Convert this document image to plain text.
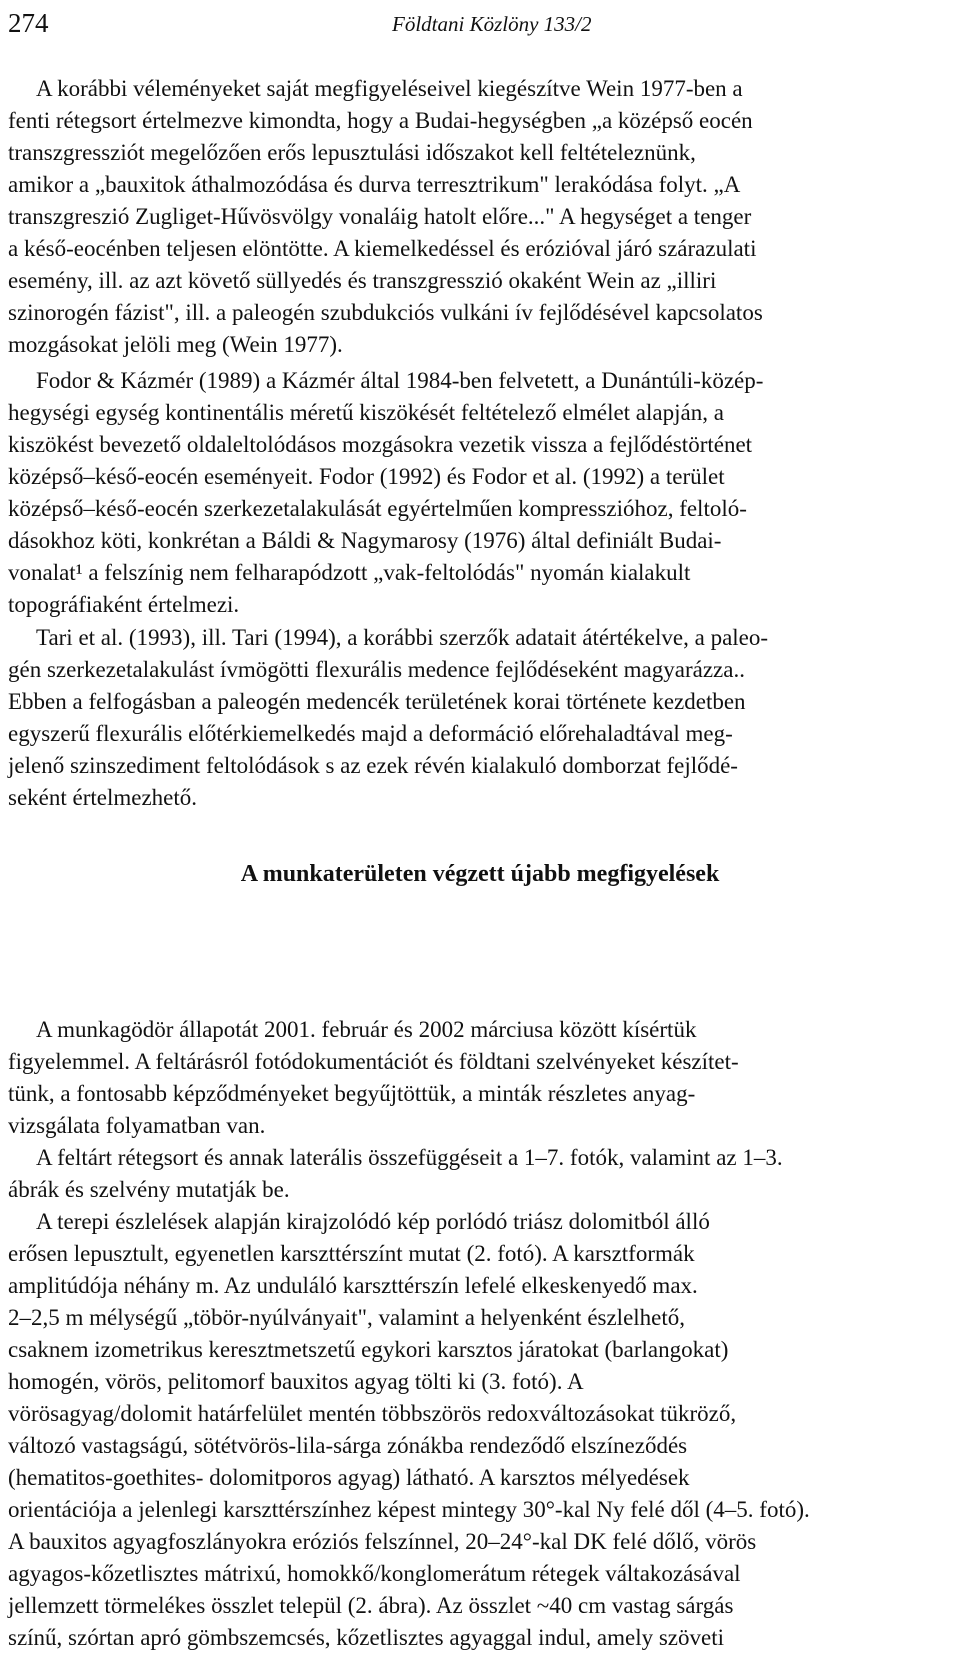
274	Földtani Közlöny 133/2

A korábbi véleményeket saját megfigyeléseivel kiegészítve Wein 1977-ben a
fenti rétegsort értelmezve kimondta, hogy a Budai-hegységben „a középső eocén
transzgressziót megelőzően erős lepusztulási időszakot kell feltételeznünk,
amikor a „bauxitok áthalmozódása és durva terresztrikum" lerakódása folyt. „A
transzgreszió Zugliget-Hűvösvölgy vonaláig hatolt előre..." A hegységet a tenger
a késő-eocénben teljesen elöntötte. A kiemelkedéssel és erózióval járó szárazulati
esemény, ill. az azt követő süllyedés és transzgresszió okaként Wein az „illiri
szinorogén fázist", ill. a paleogén szubdukciós vulkáni ív fejlődésével kapcsolatos
mozgásokat jelöli meg (Wein 1977).

Fodor & Kázmér (1989) a Kázmér által 1984-ben felvetett, a Dunántúli-közép-
hegységi egység kontinentális méretű kiszökését feltételező elmélet alapján, a
kiszökést bevezető oldaleltolódásos mozgásokra vezetik vissza a fejlődéstörténet
középső–késő-eocén eseményeit. Fodor (1992) és Fodor et al. (1992) a terület
középső–késő-eocén szerkezetalakulását egyértelműen kompresszióhoz, feltoló-
dásokhoz köti, konkrétan a Báldi & Nagymarosy (1976) által definiált Budai-
vonalat¹ a felszínig nem felharapódzott „vak-feltolódás" nyomán kialakult
topográfiaként értelmezi.

Tari et al. (1993), ill. Tari (1994), a korábbi szerzők adatait átértékelve, a paleo-
gén szerkezetalakulást ívmögötti flexurális medence fejlődéseként magyarázza..
Ebben a felfogásban a paleogén medencék területének korai története kezdetben
egyszerű flexurális előtérkiemelkedés majd a deformáció előrehaladtával meg-
jelenő szinszediment feltolódások s az ezek révén kialakuló domborzat fejlődé-
seként értelmezhető.

A munkaterületen végzett újabb megfigyelések

A munkagödör állapotát 2001. február és 2002 márciusa között kísértük
figyelemmel. A feltárásról fotódokumentációt és földtani szelvényeket készítet-
tünk, a fontosabb képződményeket begyűjtöttük, a minták részletes anyag-
vizsgálata folyamatban van.

A feltárt rétegsort és annak laterális összefüggéseit a 1–7. fotók, valamint az 1–3.
ábrák és szelvény mutatják be.

A terepi észlelések alapján kirajzolódó kép porlódó triász dolomitból álló
erősen lepusztult, egyenetlen karszttérszínt mutat (2. fotó). A karsztformák
amplitúdója néhány m. Az unduláló karszttérszín lefelé elkeskenyedő max.
2–2,5 m mélységű „töbör-nyúlványait", valamint a helyenként észlelhető,
csaknem izometrikus keresztmetszetű egykori karsztos járatokat (barlangokat)
homogén, vörös, pelitomorf bauxitos agyag tölti ki (3. fotó). A
vörösagyag/dolomit határfelület mentén többszörös redoxváltozásokat tükröző,
változó vastagságú, sötétvörös-lila-sárga zónákba rendeződő elszíneződés
(hematitos-goethites- dolomitporos agyag) látható. A karsztos mélyedések
orientációja a jelenlegi karszttérszínhez képest mintegy 30°-kal Ny felé dől (4–5. fotó).
A bauxitos agyagfoszlányokra eróziós felszínnel, 20–24°-kal DK felé dőlő, vörös
agyagos-kőzetlisztes mátrixú, homokkő/konglomerátum rétegek váltakozásával
jellemzett törmelékes összlet települ (2. ábra). Az összlet ~40 cm vastag sárgás
színű, szórtan apró gömbszemcsés, kőzetlisztes agyaggal indul, amely szöveti
